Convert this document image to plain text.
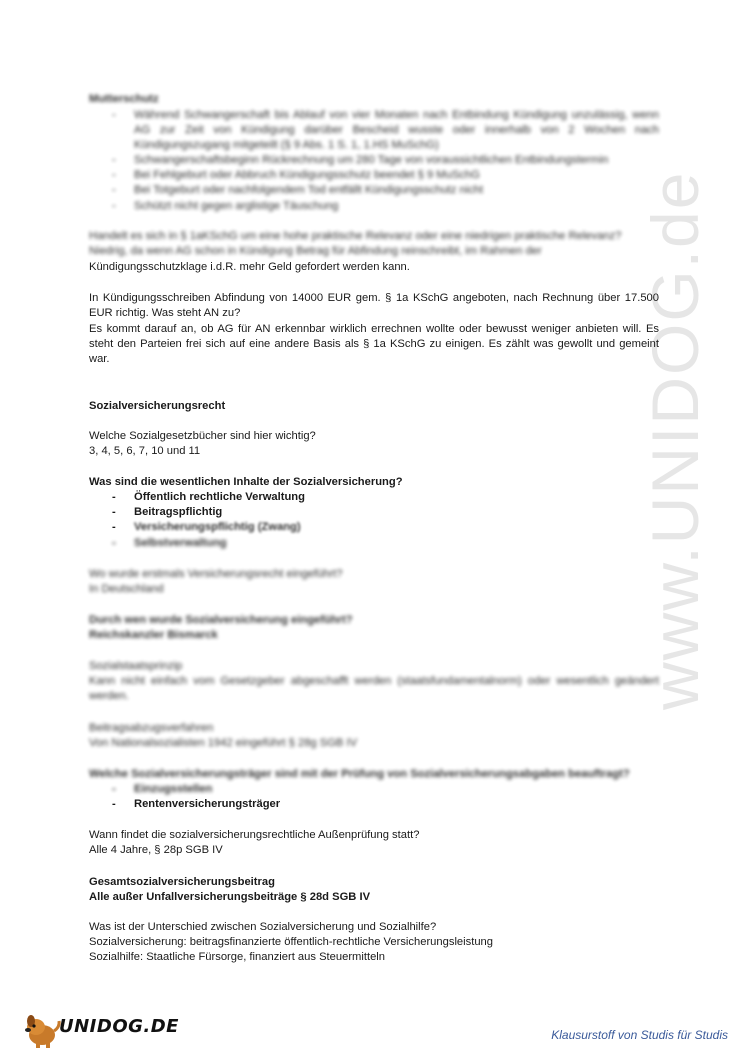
www.UNIDOG.de
Mutterschutz
-	Während Schwangerschaft bis Ablauf von vier Monaten nach Entbindung Kündigung unzulässig, wenn AG zur Zeit von Kündigung darüber Bescheid wusste oder innerhalb von 2 Wochen nach Kündigungszugang mitgeteilt (§ 9 Abs. 1 S. 1, 1.HS MuSchG)
-	Schwangerschaftsbeginn Rückrechnung um 280 Tage von voraussichtlichen Entbindungstermin
-	Bei Fehlgeburt oder Abbruch Kündigungsschutz beendet § 9 MuSchG
-	Bei Totgeburt oder nachfolgendem Tod entfällt Kündigungsschutz nicht
-	Schützt nicht gegen arglistige Täuschung
Handelt es sich in § 1aKSchG um eine hohe praktische Relevanz oder eine niedrigen praktische Relevanz?
Niedrig, da wenn AG schon in Kündigung Betrag für Abfindung reinschreibt, im Rahmen der
Kündigungsschutzklage i.d.R. mehr Geld gefordert werden kann.
In Kündigungsschreiben Abfindung von 14000 EUR gem. § 1a KSchG angeboten, nach Rechnung über 17.500 EUR richtig. Was steht AN zu?
Es kommt darauf an, ob AG für AN erkennbar wirklich errechnen wollte oder bewusst weniger anbieten will. Es steht den Parteien frei sich auf eine andere Basis als § 1a KSchG zu einigen. Es zählt was gewollt und gemeint war.
Sozialversicherungsrecht
Welche Sozialgesetzbücher sind hier wichtig?
3, 4, 5, 6, 7, 10 und 11
Was sind die wesentlichen Inhalte der Sozialversicherung?
-	Öffentlich rechtliche Verwaltung
-	Beitragspflichtig
-	Versicherungspflichtig (Zwang)
-	Selbstverwaltung
Wo wurde erstmals Versicherungsrecht eingeführt?
In Deutschland
Durch wen wurde Sozialversicherung eingeführt?
Reichskanzler Bismarck
Sozialstaatsprinzip
Kann nicht einfach vom Gesetzgeber abgeschafft werden (staatsfundamentalnorm) oder wesentlich geändert werden.
Beitragsabzugsverfahren
Von Nationalsozialisten 1942 eingeführt § 28g SGB IV
Welche Sozialversicherungsträger sind mit der Prüfung von Sozialversicherungsabgaben beauftragt?
-	Einzugsstellen
-	Rentenversicherungsträger
Wann findet die sozialversicherungsrechtliche Außenprüfung statt?
Alle 4 Jahre, § 28p SGB IV
Gesamtsozialversicherungsbeitrag
Alle außer Unfallversicherungsbeiträge § 28d SGB IV
Was ist der Unterschied zwischen Sozialversicherung und Sozialhilfe?
Sozialversicherung: beitragsfinanzierte öffentlich-rechtliche Versicherungsleistung
Sozialhilfe: Staatliche Fürsorge, finanziert aus Steuermitteln
UNIDOG.DE	Klausurstoff von Studis für Studis
